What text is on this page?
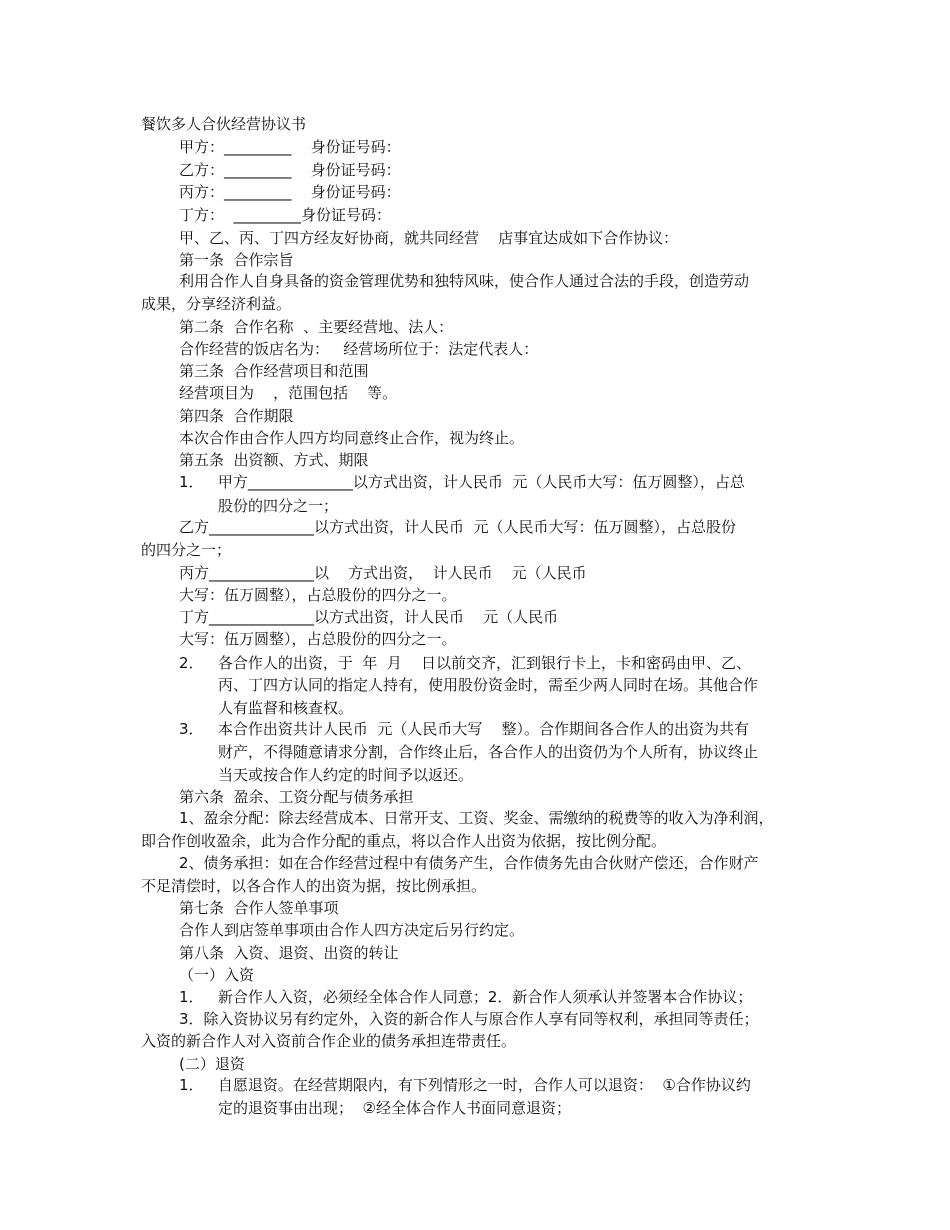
餐饮多人合伙经营协议书
甲方：_________    身份证号码：
乙方：_________    身份证号码：
丙方：_________    身份证号码：
丁方：  _________身份证号码：
甲、乙、丙、丁四方经友好协商，就共同经营    店事宜达成如下合作协议：
第一条  合作宗旨
利用合作人自身具备的资金管理优势和独特风味，使合作人通过合法的手段，创造劳动
成果，分享经济利益。
第二条  合作名称  、主要经营地、法人：
合作经营的饭店名为：   经营场所位于：法定代表人：
第三条  合作经营项目和范围
经营项目为    ，范围包括    等。
第四条  合作期限
本次合作由合作人四方均同意终止合作，视为终止。
第五条  出资额、方式、期限
1．   甲方______________以方式出资，计人民币  元（人民币大写：伍万圆整），占总
股份的四分之一；
乙方______________以方式出资，计人民币  元（人民币大写：伍万圆整），占总股份
的四分之一；
丙方______________以    方式出资，  计人民币    元（人民币
大写：伍万圆整），占总股份的四分之一。
丁方______________以方式出资，计人民币    元（人民币
大写：伍万圆整），占总股份的四分之一。
2．   各合作人的出资，于  年  月    日以前交齐，汇到银行卡上，卡和密码由甲、乙、
丙、丁四方认同的指定人持有，使用股份资金时，需至少两人同时在场。其他合作
人有监督和核查权。
3．   本合作出资共计人民币  元（人民币大写    整）。合作期间各合作人的出资为共有
财产，不得随意请求分割，合作终止后，各合作人的出资仍为个人所有，协议终止
当天或按合作人约定的时间予以返还。
第六条  盈余、工资分配与债务承担
1、盈余分配：除去经营成本、日常开支、工资、奖金、需缴纳的税费等的收入为净利润，
即合作创收盈余，此为合作分配的重点，将以合作人出资为依据，按比例分配。
2、债务承担：如在合作经营过程中有债务产生，合作债务先由合伙财产偿还，合作财产
不足清偿时，以各合作人的出资为据，按比例承担。
第七条  合作人签单事项
合作人到店签单事项由合作人四方决定后另行约定。
第八条  入资、退资、出资的转让
（一）入资
1．   新合作人入资，必须经全体合作人同意；2．新合作人须承认并签署本合作协议；
3．除入资协议另有约定外，入资的新合作人与原合作人享有同等权利，承担同等责任；
入资的新合作人对入资前合作企业的债务承担连带责任。
(二）退资
1．   自愿退资。在经营期限内，有下列情形之一时，合作人可以退资：  ①合作协议约
定的退资事由出现；  ②经全体合作人书面同意退资；
